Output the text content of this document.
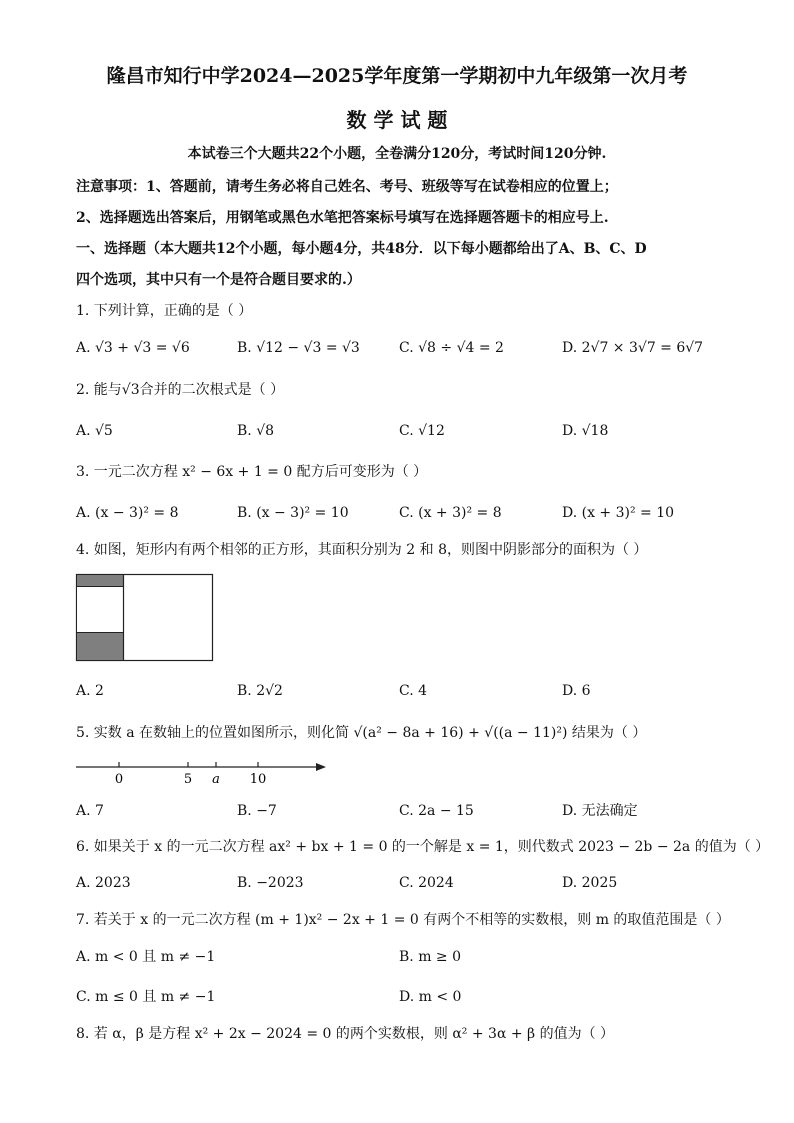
隆昌市知行中学2024—2025学年度第一学期初中九年级第一次月考
数 学 试 题
本试卷三个大题共22个小题，全卷满分120分，考试时间120分钟.
注意事项：1、答题前，请考生务必将自己姓名、考号、班级等写在试卷相应的位置上；
2、选择题选出答案后，用钢笔或黑色水笔把答案标号填写在选择题答题卡的相应号上.
一、选择题（本大题共12个小题，每小题4分，共48分．以下每小题都给出了A、B、C、D
四个选项，其中只有一个是符合题目要求的.）
1. 下列计算，正确的是（ ）
A. √3 + √3 = √6	B. √12 − √3 = √3	C. √8 ÷ √4 = 2	D. 2√7 × 3√7 = 6√7
2. 能与√3合并的二次根式是（ ）
A. √5	B. √8	C. √12	D. √18
3. 一元二次方程 x² − 6x + 1 = 0 配方后可变形为（ ）
A. (x − 3)² = 8	B. (x − 3)² = 10	C. (x + 3)² = 8	D. (x + 3)² = 10
4. 如图，矩形内有两个相邻的正方形，其面积分别为 2 和 8，则图中阴影部分的面积为（ ）
A. 2	B. 2√2	C. 4	D. 6
5. 实数 a 在数轴上的位置如图所示，则化简 √(a² − 8a + 16) + √((a − 11)²) 结果为（ ）
0	5 a 10
A. 7	B. −7	C. 2a − 15	D. 无法确定
6. 如果关于 x 的一元二次方程 ax² + bx + 1 = 0 的一个解是 x = 1，则代数式 2023 − 2b − 2a 的值为（ ）
A. 2023	B. −2023	C. 2024	D. 2025
7. 若关于 x 的一元二次方程 (m + 1)x² − 2x + 1 = 0 有两个不相等的实数根，则 m 的取值范围是（ ）
A. m < 0 且 m ≠ −1	B. m ≥ 0
C. m ≤ 0 且 m ≠ −1	D. m < 0
8. 若 α，β 是方程 x² + 2x − 2024 = 0 的两个实数根，则 α² + 3α + β 的值为（ ）
